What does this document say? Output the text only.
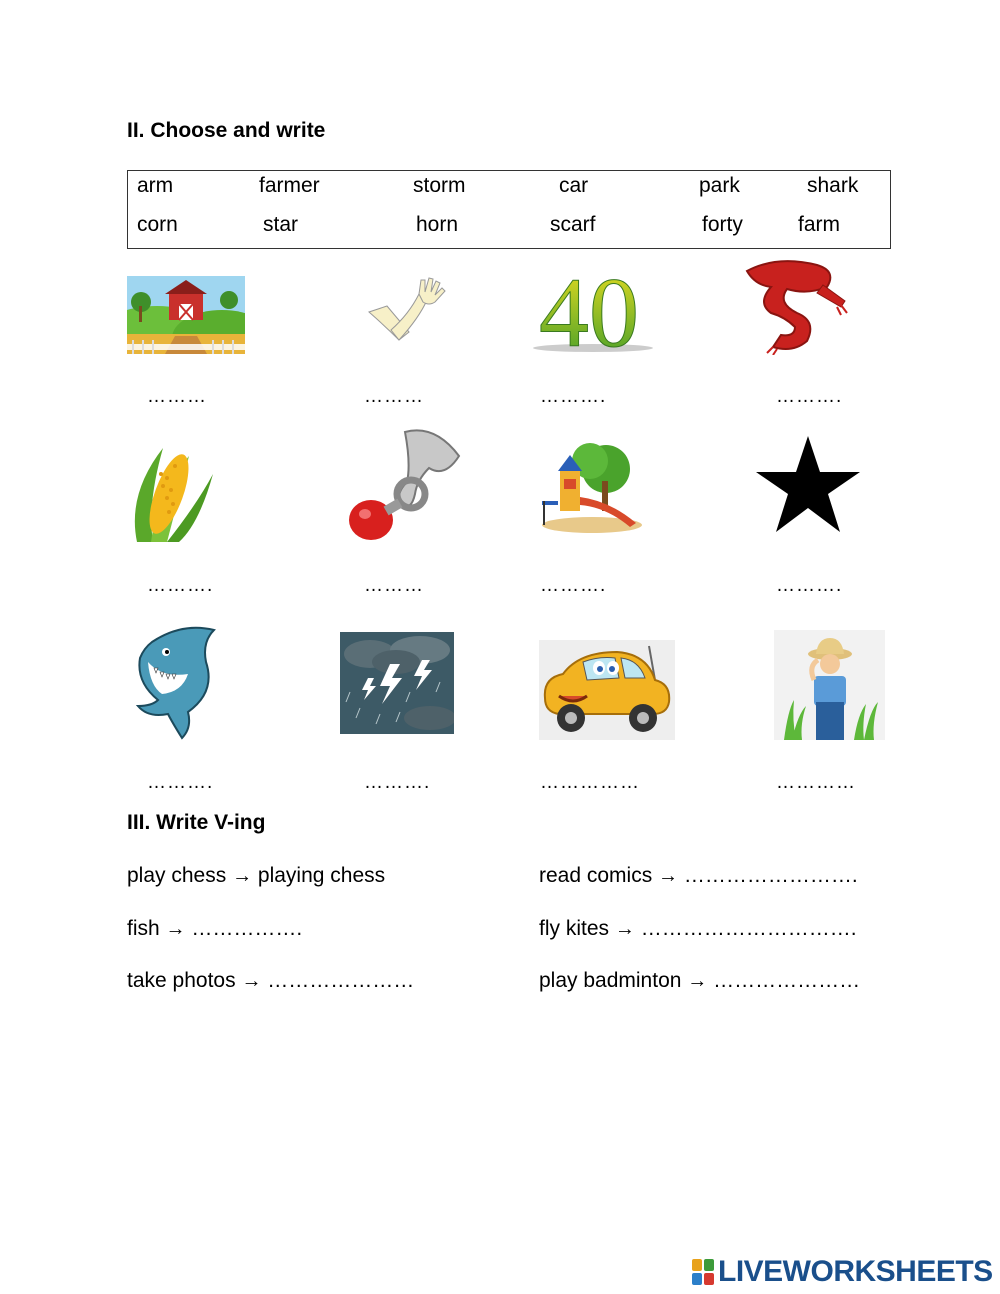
II. Choose and write
arm	farmer	storm	car	park	shark
corn	star	horn	scarf	forty	farm
40
………	………	……….	……….
……….	………	……….	……….
……….	……….	……………	…………
III. Write V-ing
play chess → playing chess	read comics → …………………….
fish → …………….	fly kites → ………………………….
take photos → …………………	play badminton → …………………
LIVEWORKSHEETS
